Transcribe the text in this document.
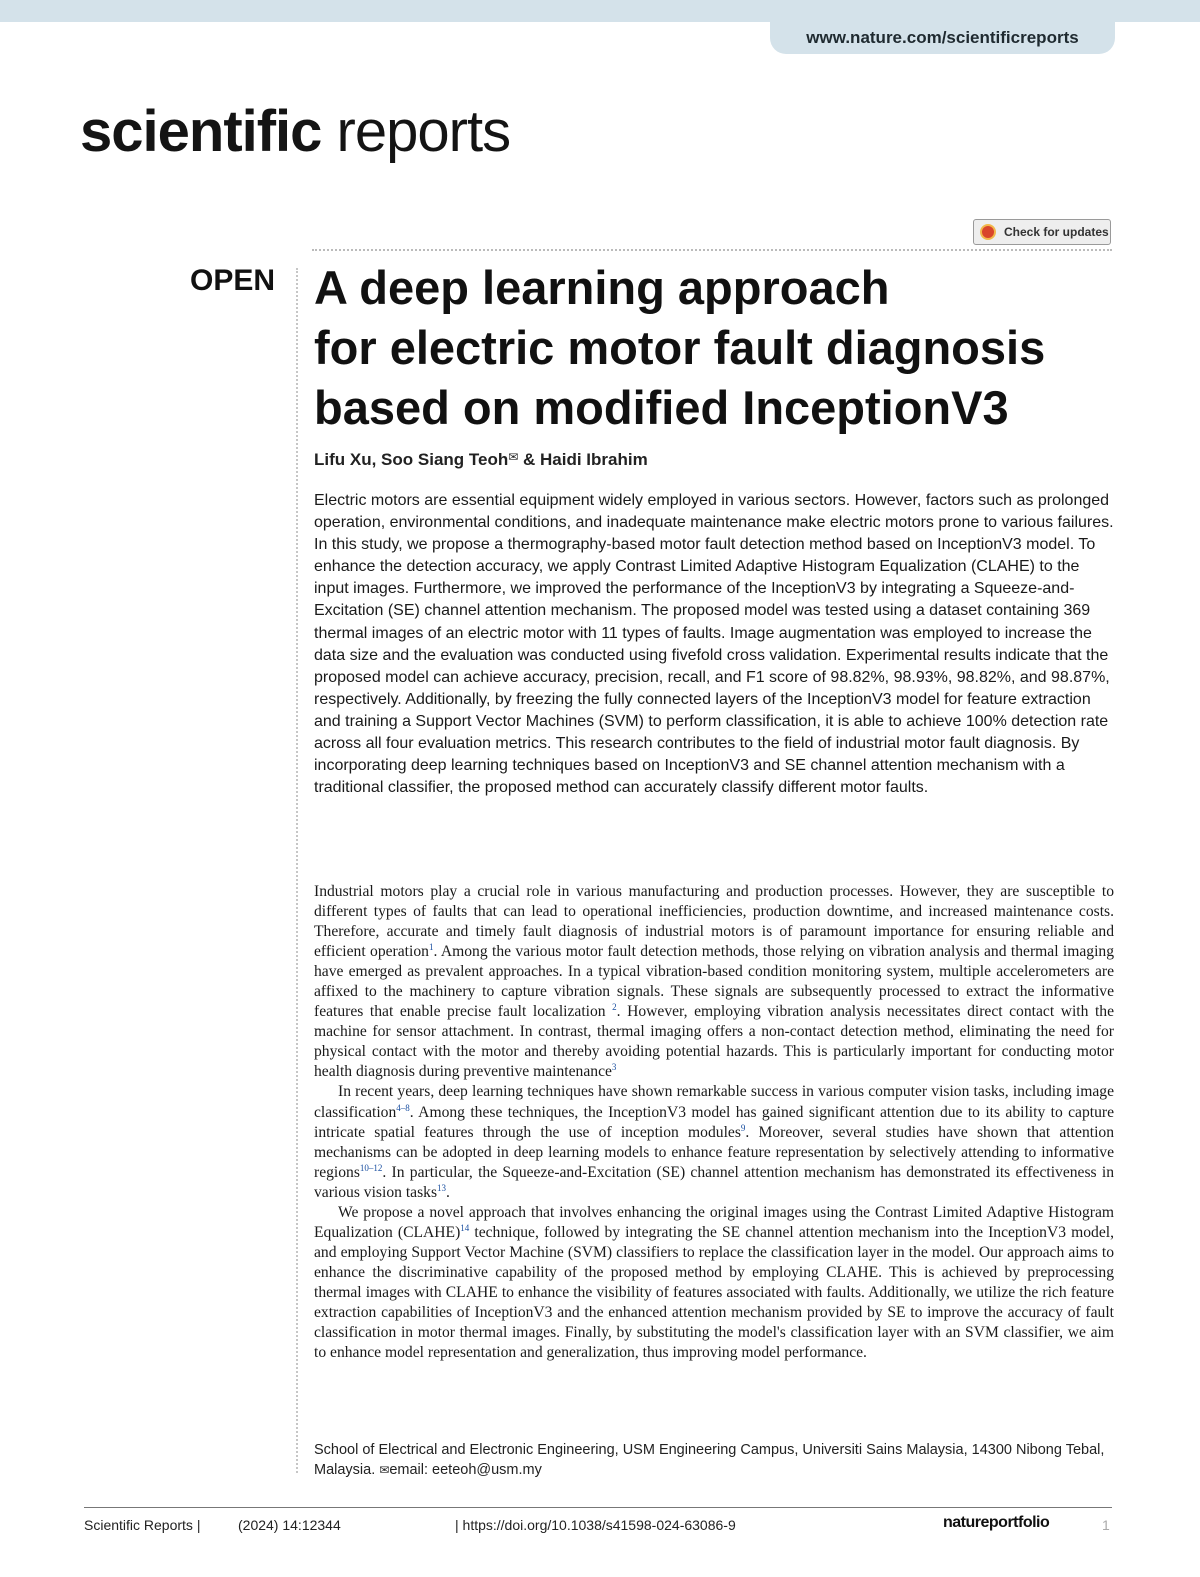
www.nature.com/scientificreports
scientific reports
Check for updates
OPEN A deep learning approach
for electric motor fault diagnosis
based on modified InceptionV3
Lifu Xu, Soo Siang Teoh✉ & Haidi Ibrahim

Electric motors are essential equipment widely employed in various sectors. However, factors such as prolonged operation, environmental conditions, and inadequate maintenance make electric motors prone to various failures. In this study, we propose a thermography-based motor fault detection method based on InceptionV3 model. To enhance the detection accuracy, we apply Contrast Limited Adaptive Histogram Equalization (CLAHE) to the input images. Furthermore, we improved the performance of the InceptionV3 by integrating a Squeeze-and-Excitation (SE) channel attention mechanism. The proposed model was tested using a dataset containing 369 thermal images of an electric motor with 11 types of faults. Image augmentation was employed to increase the data size and the evaluation was conducted using fivefold cross validation. Experimental results indicate that the proposed model can achieve accuracy, precision, recall, and F1 score of 98.82%, 98.93%, 98.82%, and 98.87%, respectively. Additionally, by freezing the fully connected layers of the InceptionV3 model for feature extraction and training a Support Vector Machines (SVM) to perform classification, it is able to achieve 100% detection rate across all four evaluation metrics. This research contributes to the field of industrial motor fault diagnosis. By incorporating deep learning techniques based on InceptionV3 and SE channel attention mechanism with a traditional classifier, the proposed method can accurately classify different motor faults.

Industrial motors play a crucial role in various manufacturing and production processes. However, they are susceptible to different types of faults that can lead to operational inefficiencies, production downtime, and increased maintenance costs. Therefore, accurate and timely fault diagnosis of industrial motors is of paramount importance for ensuring reliable and efficient operation$^1$. Among the various motor fault detection methods, those relying on vibration analysis and thermal imaging have emerged as prevalent approaches. In a typical vibration-based condition monitoring system, multiple accelerometers are affixed to the machinery to capture vibration signals. These signals are subsequently processed to extract the informative features that enable precise fault localization $^2$. However, employing vibration analysis necessitates direct contact with the machine for sensor attachment. In contrast, thermal imaging offers a non-contact detection method, eliminating the need for physical contact with the motor and thereby avoiding potential hazards. This is particularly important for conducting motor health diagnosis during preventive maintenance$^3$

In recent years, deep learning techniques have shown remarkable success in various computer vision tasks, including image classification$^{4-8}$. Among these techniques, the InceptionV3 model has gained significant attention due to its ability to capture intricate spatial features through the use of inception modules$^9$. Moreover, several studies have shown that attention mechanisms can be adopted in deep learning models to enhance feature representation by selectively attending to informative regions$^{10-12}$. In particular, the Squeeze-and-Excitation (SE) channel attention mechanism has demonstrated its effectiveness in various vision tasks$^{13}$.

We propose a novel approach that involves enhancing the original images using the Contrast Limited Adaptive Histogram Equalization (CLAHE)$^{14}$ technique, followed by integrating the SE channel attention mechanism into the InceptionV3 model, and employing Support Vector Machine (SVM) classifiers to replace the classification layer in the model. Our approach aims to enhance the discriminative capability of the proposed method by employing CLAHE. This is achieved by preprocessing thermal images with CLAHE to enhance the visibility of features associated with faults. Additionally, we utilize the rich feature extraction capabilities of InceptionV3 and the enhanced attention mechanism provided by SE to improve the accuracy of fault classification in motor thermal images. Finally, by substituting the model's classification layer with an SVM classifier, we aim to enhance model representation and generalization, thus improving model performance.

School of Electrical and Electronic Engineering, USM Engineering Campus, Universiti Sains Malaysia, 14300 Nibong Tebal, Malaysia. ✉email: eeteoh@usm.my

Scientific Reports |	(2024) 14:12344	| https://doi.org/10.1038/s41598-024-63086-9	natureportfolio	1
